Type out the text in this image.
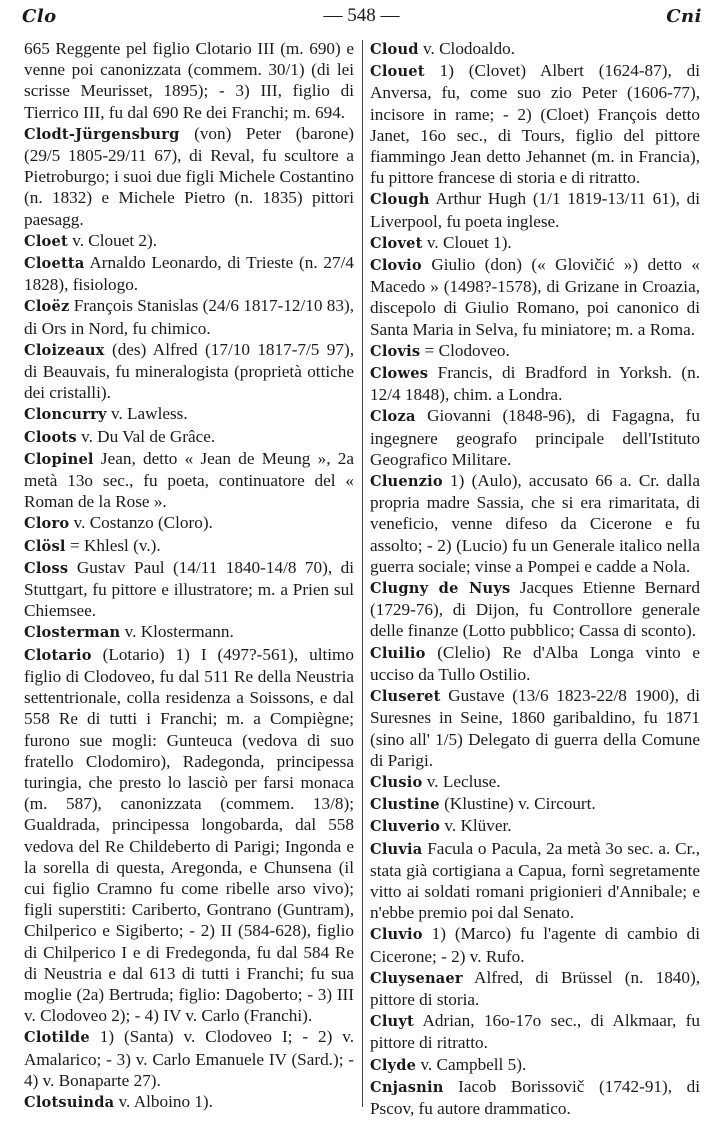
Clo	— 548 —	Cni

665 Reggente pel figlio Clotario III (m. 690) e venne poi canonizzata (commem. 30/1) (di lei scrisse Meurisset, 1895); - 3) III, figlio di Tierrico III, fu dal 690 Re dei Franchi; m. 694.

Clodt-Jürgensburg (von) Peter (barone) (29/5 1805-29/11 67), di Reval, fu scultore a Pietroburgo; i suoi due figli Michele Costantino (n. 1832) e Michele Pietro (n. 1835) pittori paesagg.

Cloet v. Clouet 2).

Cloetta Arnaldo Leonardo, di Trieste (n. 27/4 1828), fisiologo.

Cloëz François Stanislas (24/6 1817-12/10 83), di Ors in Nord, fu chimico.

Cloizeaux (des) Alfred (17/10 1817-7/5 97), di Beauvais, fu mineralogista (proprietà ottiche dei cristalli).

Cloncurry v. Lawless.

Cloots v. Du Val de Grâce.

Clopinel Jean, detto « Jean de Meung », 2a metà 13o sec., fu poeta, continuatore del « Roman de la Rose ».

Cloro v. Costanzo (Cloro).

Clösl = Khlesl (v.).

Closs Gustav Paul (14/11 1840-14/8 70), di Stuttgart, fu pittore e illustratore; m. a Prien sul Chiemsee.

Closterman v. Klostermann.

Clotario (Lotario) 1) I (497?-561), ultimo figlio di Clodoveo, fu dal 511 Re della Neustria settentrionale, colla residenza a Soissons, e dal 558 Re di tutti i Franchi; m. a Compiègne; furono sue mogli: Gunteuca (vedova di suo fratello Clodomiro), Radegonda, principessa turingia, che presto lo lasciò per farsi monaca (m. 587), canonizzata (commem. 13/8); Gualdrada, principessa longobarda, dal 558 vedova del Re Childeberto di Parigi; Ingonda e la sorella di questa, Aregonda, e Chunsena (il cui figlio Cramno fu come ribelle arso vivo); figli superstiti: Cariberto, Gontrano (Guntram), Chilperico e Sigiberto; - 2) II (584-628), figlio di Chilperico I e di Fredegonda, fu dal 584 Re di Neustria e dal 613 di tutti i Franchi; fu sua moglie (2a) Bertruda; figlio: Dagoberto; - 3) III v. Clodoveo 2); - 4) IV v. Carlo (Franchi).

Clotilde 1) (Santa) v. Clodoveo I; - 2) v. Amalarico; - 3) v. Carlo Emanuele IV (Sard.); - 4) v. Bonaparte 27).

Clotsuinda v. Alboino 1).

Cloud v. Clodoaldo.

Clouet 1) (Clovet) Albert (1624-87), di Anversa, fu, come suo zio Peter (1606-77), incisore in rame; - 2) (Cloet) François detto Janet, 16o sec., di Tours, figlio del pittore fiammingo Jean detto Jehannet (m. in Francia), fu pittore francese di storia e di ritratto.

Clough Arthur Hugh (1/1 1819-13/11 61), di Liverpool, fu poeta inglese.

Clovet v. Clouet 1).

Clovio Giulio (don) (« Glovičić ») detto « Macedo » (1498?-1578), di Grizane in Croazia, discepolo di Giulio Romano, poi canonico di Santa Maria in Selva, fu miniatore; m. a Roma.

Clovis = Clodoveo.

Clowes Francis, di Bradford in Yorksh. (n. 12/4 1848), chim. a Londra.

Cloza Giovanni (1848-96), di Fagagna, fu ingegnere geografo principale dell'Istituto Geografico Militare.

Cluenzio 1) (Aulo), accusato 66 a. Cr. dalla propria madre Sassia, che si era rimaritata, di veneficio, venne difeso da Cicerone e fu assolto; - 2) (Lucio) fu un Generale italico nella guerra sociale; vinse a Pompei e cadde a Nola.

Clugny de Nuys Jacques Etienne Bernard (1729-76), di Dijon, fu Controllore generale delle finanze (Lotto pubblico; Cassa di sconto).

Cluilio (Clelio) Re d'Alba Longa vinto e ucciso da Tullo Ostilio.

Cluseret Gustave (13/6 1823-22/8 1900), di Suresnes in Seine, 1860 garibaldino, fu 1871 (sino all' 1/5) Delegato di guerra della Comune di Parigi.

Clusio v. Lecluse.

Clustine (Klustine) v. Circourt.

Cluverio v. Klüver.

Cluvia Facula o Pacula, 2a metà 3o sec. a. Cr., stata già cortigiana a Capua, fornì segretamente vitto ai soldati romani prigionieri d'Annibale; e n'ebbe premio poi dal Senato.

Cluvio 1) (Marco) fu l'agente di cambio di Cicerone; - 2) v. Rufo.

Cluysenaer Alfred, di Brüssel (n. 1840), pittore di storia.

Cluyt Adrian, 16o-17o sec., di Alkmaar, fu pittore di ritratto.

Clyde v. Campbell 5).

Cnjasnin Iacob Borissovič (1742-91), di Pscov, fu autore drammatico.
